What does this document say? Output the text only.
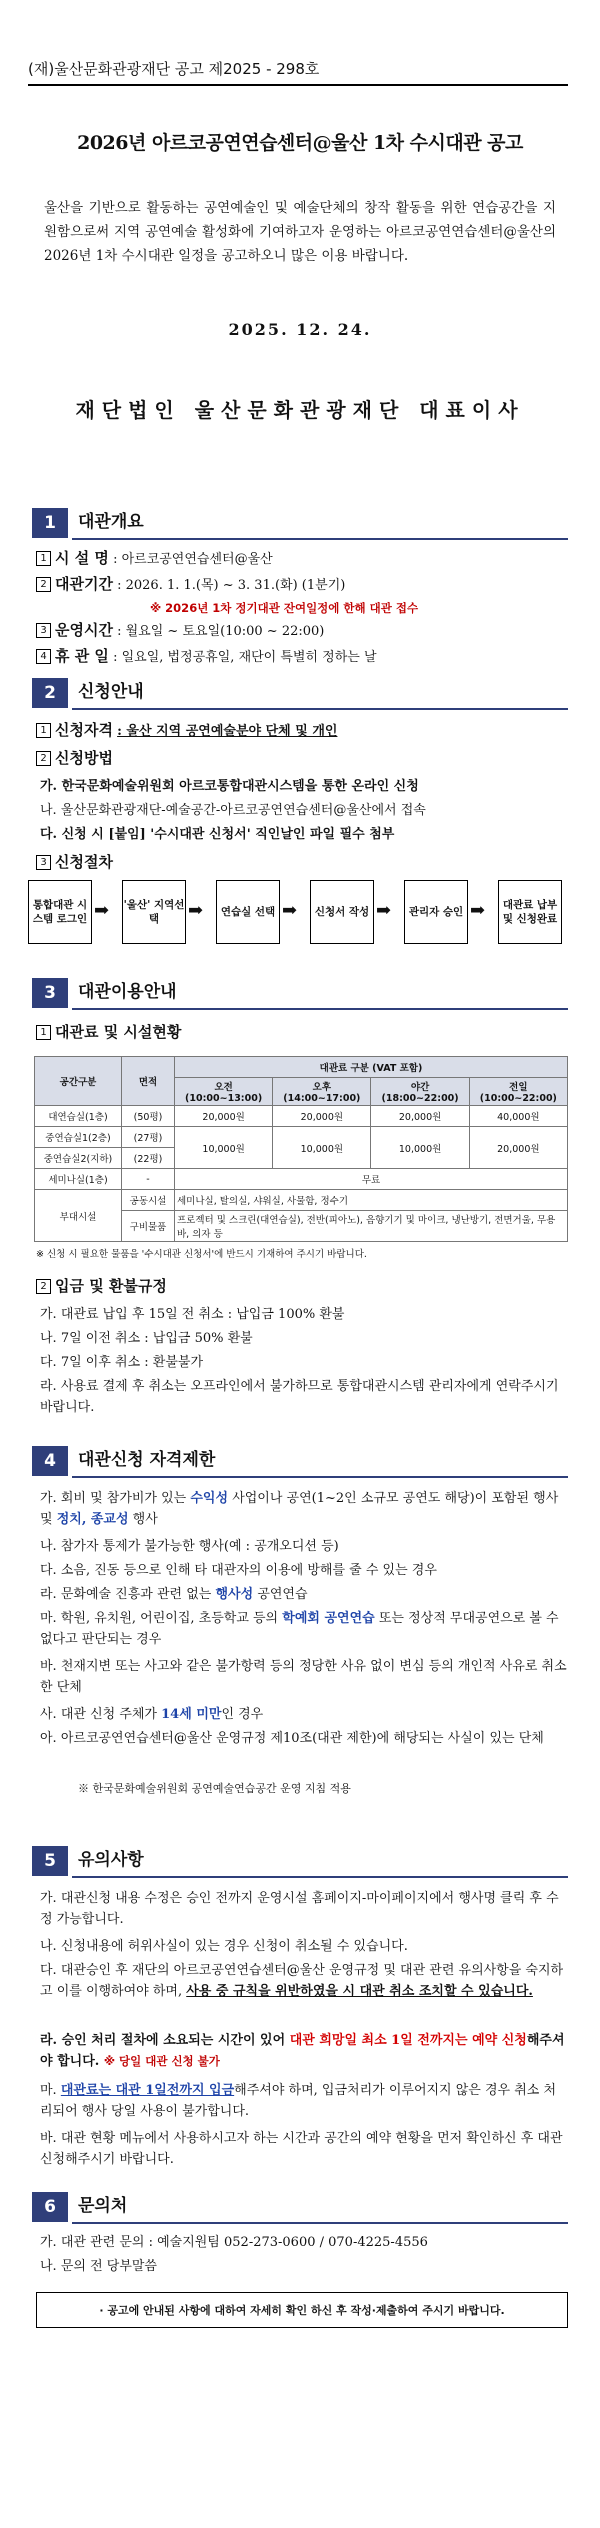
(재)울산문화관광재단 공고 제2025 - 298호
2026년 아르코공연연습센터@울산 1차 수시대관 공고
울산을 기반으로 활동하는 공연예술인 및 예술단체의 창작 활동을 위한 연습공간을 지원함으로써 지역 공연예술 활성화에 기여하고자 운영하는 아르코공연연습센터@울산의 2026년 1차 수시대관 일정을 공고하오니 많은 이용 바랍니다.
2025. 12. 24.
재단법인 울산문화관광재단 대표이사
1	대관개요
1 시 설 명 : 아르코공연연습센터@울산
2 대관기간 : 2026. 1. 1.(목) ~ 3. 31.(화) (1분기)
※ 2026년 1차 정기대관 잔여일정에 한해 대관 접수
3 운영시간 : 월요일 ~ 토요일(10:00 ~ 22:00)
4 휴 관 일 : 일요일, 법정공휴일, 재단이 특별히 정하는 날
2	신청안내
1 신청자격 : 울산 지역 공연예술분야 단체 및 개인
2 신청방법
가. 한국문화예술위원회 아르코통합대관시스템을 통한 온라인 신청
나. 울산문화관광재단-예술공간-아르코공연연습센터@울산에서 접속
다. 신청 시 [붙임] '수시대관 신청서' 직인날인 파일 필수 첨부
3 신청절차
통합대관 시스템 로그인 ➡ '울산' 지역선택	➡	연습실 선택 ➡	신청서 작성 ➡	관리자 승인 ➡	대관료 납부 및 신청완료
3	대관이용안내
1 대관료 및 시설현황
공간구분	면적	대관료 구분 (VAT 포함)			
		오전 (10:00~13:00)	오후 (14:00~17:00)	야간 (18:00~22:00)	전일 (10:00~22:00)
대연습실(1층)	(50평)	20,000원	20,000원	20,000원	40,000원
중연습실1(2층)	(27평)	10,000원	10,000원	10,000원	20,000원
중연습실2(지하)	(22평)				
세미나실(1층)	-	무료			
부대시설	공동시설	세미나실, 탈의실, 샤워실, 사물함, 정수기			
	구비물품	프로젝터 및 스크린(대연습실), 전반(피아노), 음향기기 및 마이크, 냉난방기, 전면거울, 무용바, 의자 등			
※ 신청 시 필요한 물품을 '수시대관 신청서'에 반드시 기재하여 주시기 바랍니다.
2 입금 및 환불규정
가. 대관료 납입 후 15일 전 취소 : 납입금 100% 환불
나. 7일 이전 취소 : 납입금 50% 환불
다. 7일 이후 취소 : 환불불가
라. 사용료 결제 후 취소는 오프라인에서 불가하므로 통합대관시스템 관리자에게 연락주시기 바랍니다.
4	대관신청 자격제한
가. 회비 및 참가비가 있는 수익성 사업이나 공연(1~2인 소규모 공연도 해당)이 포함된 행사 및 정치, 종교성 행사
나. 참가자 통제가 불가능한 행사(예 : 공개오디션 등)
다. 소음, 진동 등으로 인해 타 대관자의 이용에 방해를 줄 수 있는 경우
라. 문화예술 진흥과 관련 없는 행사성 공연연습
마. 학원, 유치원, 어린이집, 초등학교 등의 학예회 공연연습 또는 정상적 무대공연으로 볼 수 없다고 판단되는 경우
바. 천재지변 또는 사고와 같은 불가항력 등의 정당한 사유 없이 변심 등의 개인적 사유로 취소한 단체
사. 대관 신청 주체가 14세 미만인 경우
아. 아르코공연연습센터@울산 운영규정 제10조(대관 제한)에 해당되는 사실이 있는 단체
※ 한국문화예술위원회 공연예술연습공간 운영 지침 적용
5	유의사항
가. 대관신청 내용 수정은 승인 전까지 운영시설 홈페이지-마이페이지에서 행사명 클릭 후 수정 가능합니다.
나. 신청내용에 허위사실이 있는 경우 신청이 취소될 수 있습니다.
다. 대관승인 후 재단의 아르코공연연습센터@울산 운영규정 및 대관 관련 유의사항을 숙지하고 이를 이행하여야 하며, 사용 중 규칙을 위반하였을 시 대관 취소 조치할 수 있습니다.
라. 승인 처리 절차에 소요되는 시간이 있어 대관 희망일 최소 1일 전까지는 예약 신청해주셔야 합니다. ※ 당일 대관 신청 불가
마. 대관료는 대관 1일전까지 입금해주셔야 하며, 입금처리가 이루어지지 않은 경우 취소 처리되어 행사 당일 사용이 불가합니다.
바. 대관 현황 메뉴에서 사용하시고자 하는 시간과 공간의 예약 현황을 먼저 확인하신 후 대관 신청해주시기 바랍니다.
6	문의처
가. 대관 관련 문의 : 예술지원팀 052-273-0600 / 070-4225-4556
나. 문의 전 당부말씀
· 공고에 안내된 사항에 대하여 자세히 확인 하신 후 작성·제출하여 주시기 바랍니다.
